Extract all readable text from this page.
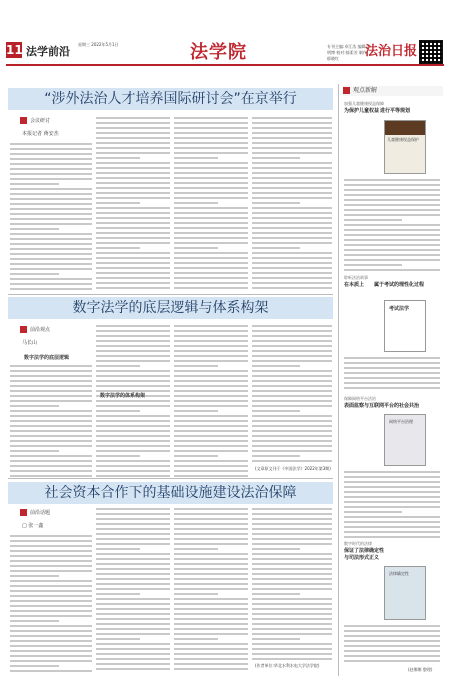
11 法学前沿
星期三 2022年5月1日	法学院	专刊主编:卓江浩 编辑:李明博 校对:郁柔芳 制作:郁晓红	法治日报
“涉外法治人才培养国际研讨会”在京举行
会议研讨
本报记者 蒋安杰
数字法学的底层逻辑与体系构架
前沿观点
马长山
数字法学的底层逻辑
数字法学的体系构架
(文章原文刊于《中国法学》2022年第3期)
社会资本合作下的基础设施建设法治保障
前沿话题
□ 张一鑫
(作者单位:华北水利水电大学法学院)
观点新解
加强儿童健康权益保障
为保护儿童权益 进行平等规划
儿童健康权益保护
聆听法治故事
在本质上	属于考试的理性化过程
考试法学
保障网络平台法治
表面监察与互联网平台的社会共治
网络平台治理
数字时代的法律
保证了法律确定性
与司法形式正义
法律确定性
(赵娜娜 整理)
